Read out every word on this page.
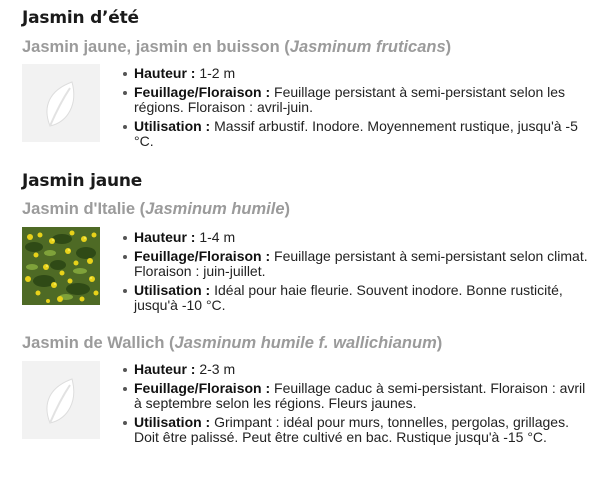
Jasmin d’été
Jasmin jaune, jasmin en buisson (Jasminum fruticans)
Hauteur : 1-2 m
Feuillage/Floraison : Feuillage persistant à semi-persistant selon les régions. Floraison : avril-juin.
Utilisation : Massif arbustif. Inodore. Moyennement rustique, jusqu'à -5 °C.
Jasmin jaune
Jasmin d'Italie (Jasminum humile)
Hauteur : 1-4 m
Feuillage/Floraison : Feuillage persistant à semi-persistant selon climat. Floraison : juin-juillet.
Utilisation : Idéal pour haie fleurie. Souvent inodore. Bonne rusticité, jusqu'à -10 °C.
Jasmin de Wallich (Jasminum humile f. wallichianum)
Hauteur : 2-3 m
Feuillage/Floraison : Feuillage caduc à semi-persistant. Floraison : avril à septembre selon les régions. Fleurs jaunes.
Utilisation : Grimpant : idéal pour murs, tonnelles, pergolas, grillages. Doit être palissé. Peut être cultivé en bac. Rustique jusqu'à -15 °C.
